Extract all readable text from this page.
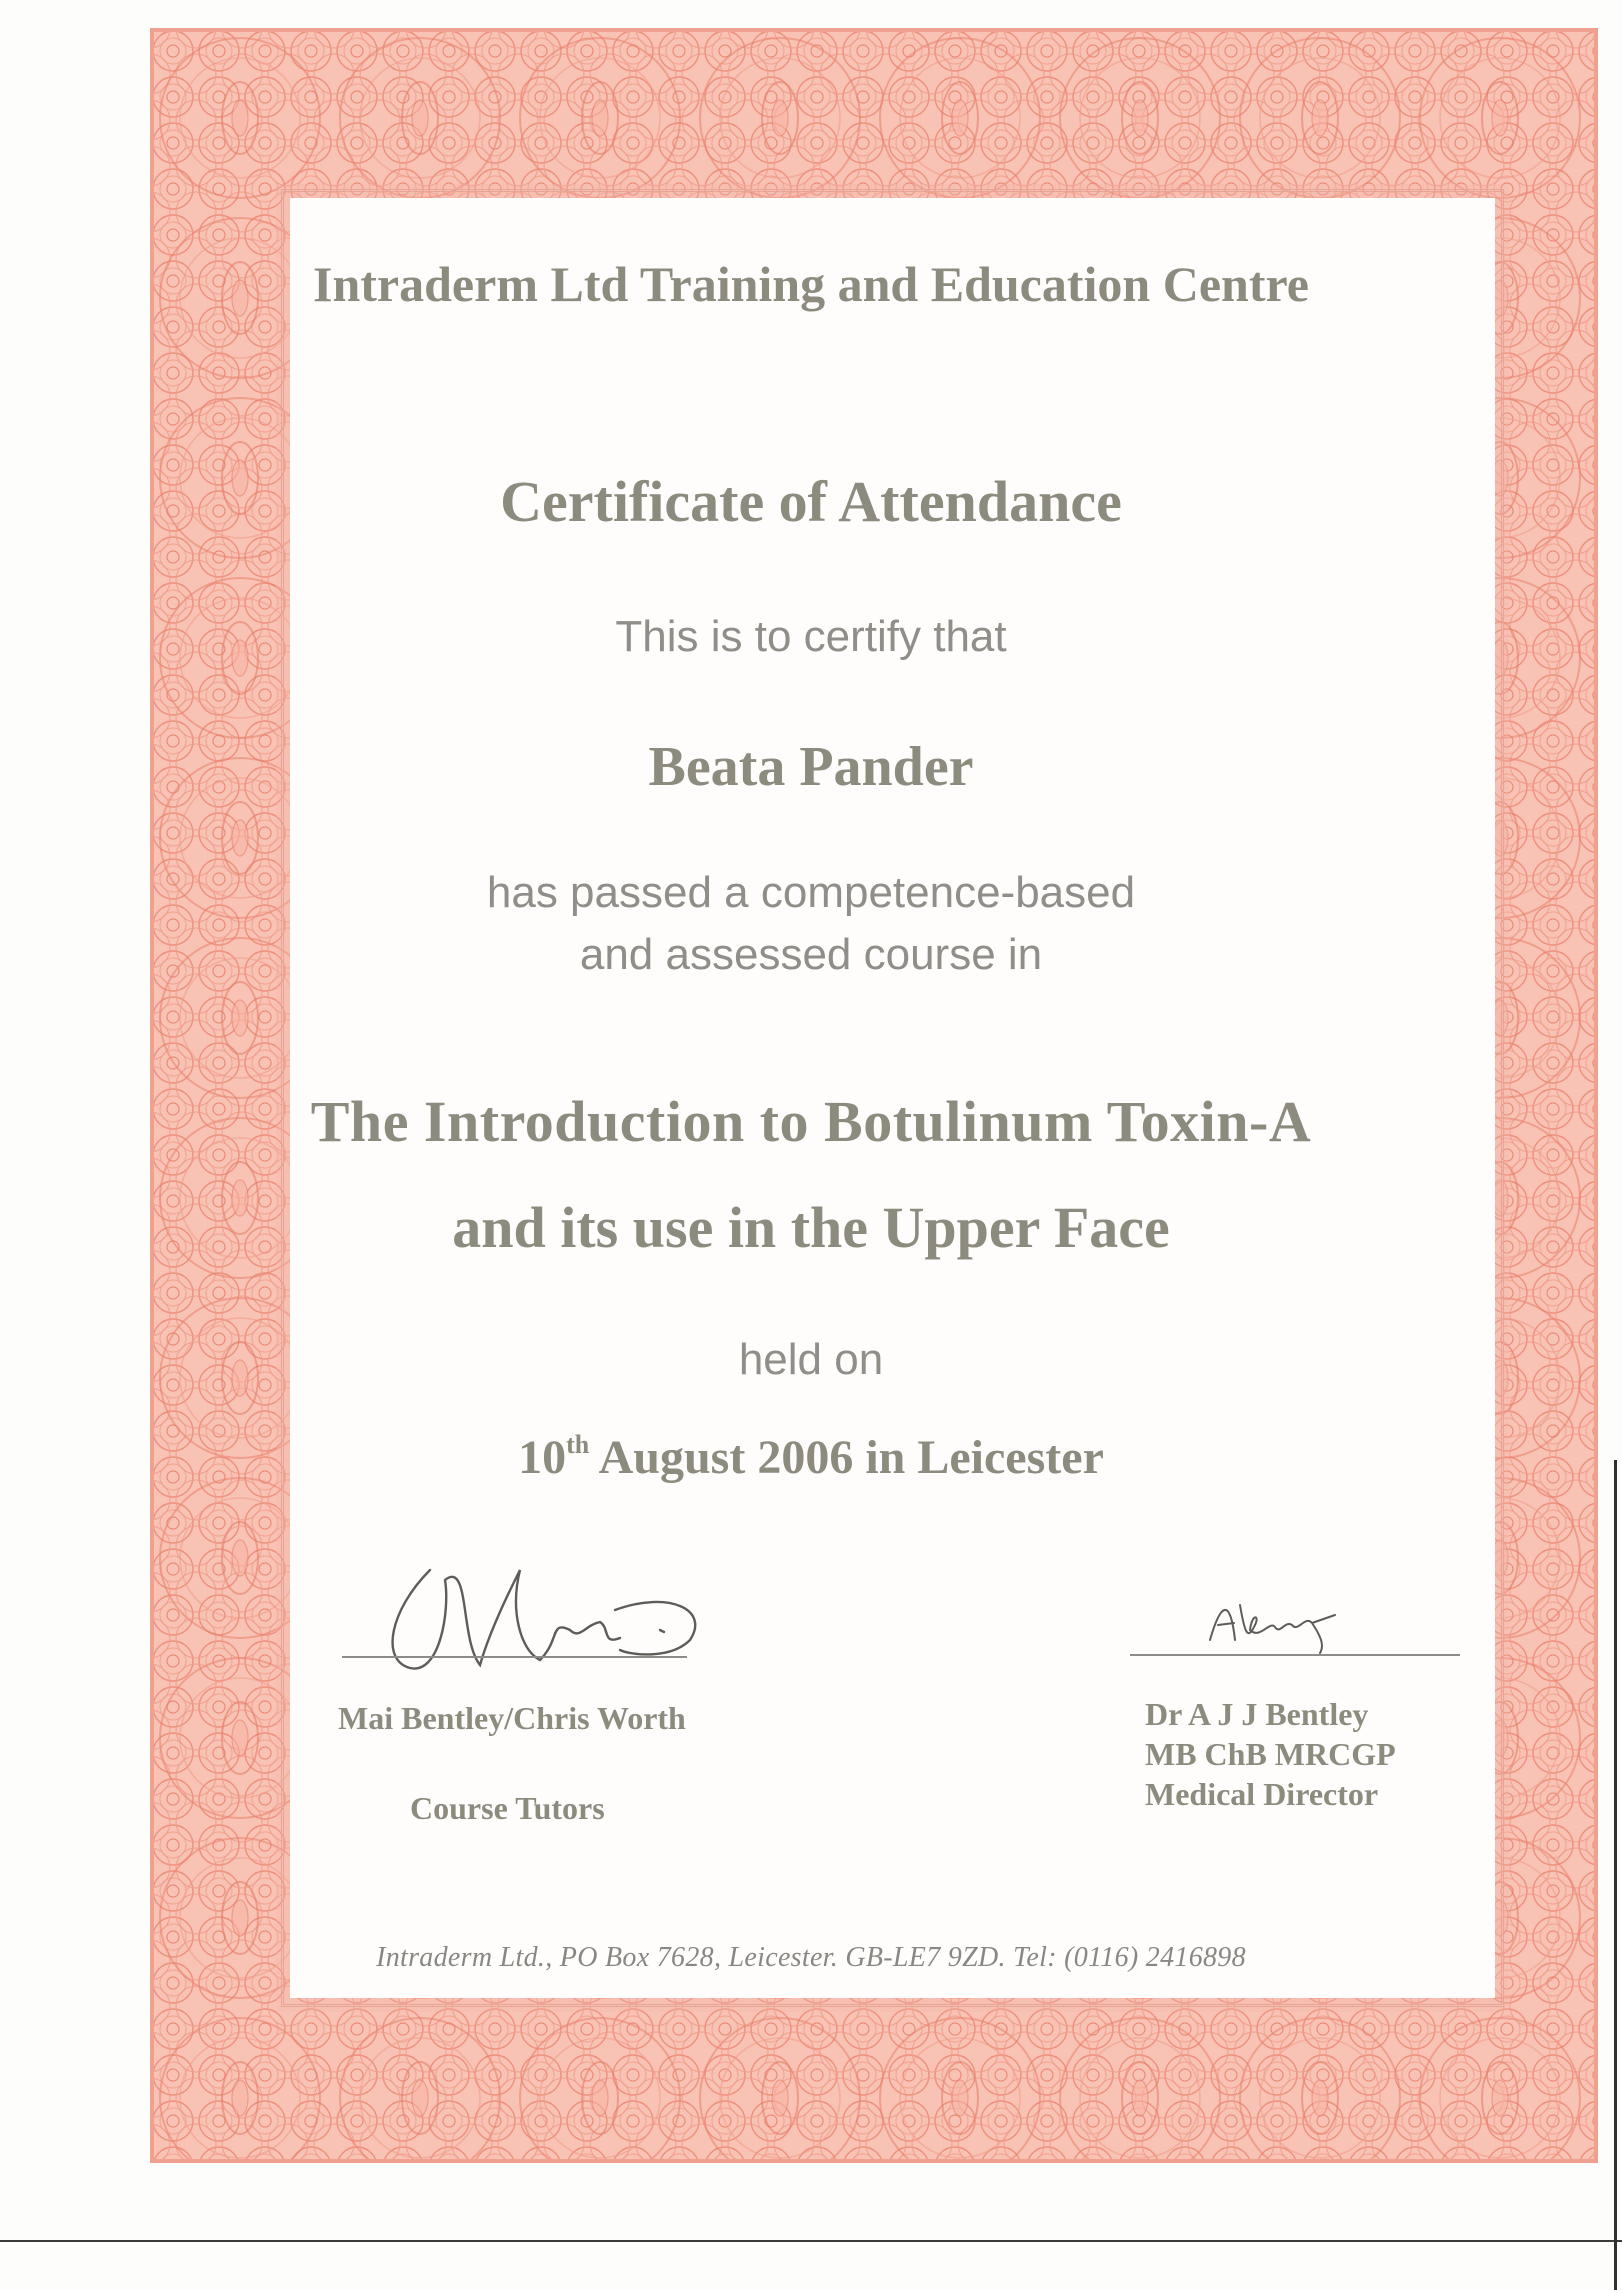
Intraderm Ltd Training and Education Centre
Certificate of Attendance
This is to certify that
Beata Pander
has passed a competence-based
and assessed course in
The Introduction to Botulinum Toxin-A
and its use in the Upper Face
held on
10th August 2006 in Leicester
Mai Bentley/Chris Worth
Course Tutors
Dr A J J Bentley
MB ChB MRCGP
Medical Director
Intraderm Ltd., PO Box 7628, Leicester. GB-LE7 9ZD. Tel: (0116) 2416898
